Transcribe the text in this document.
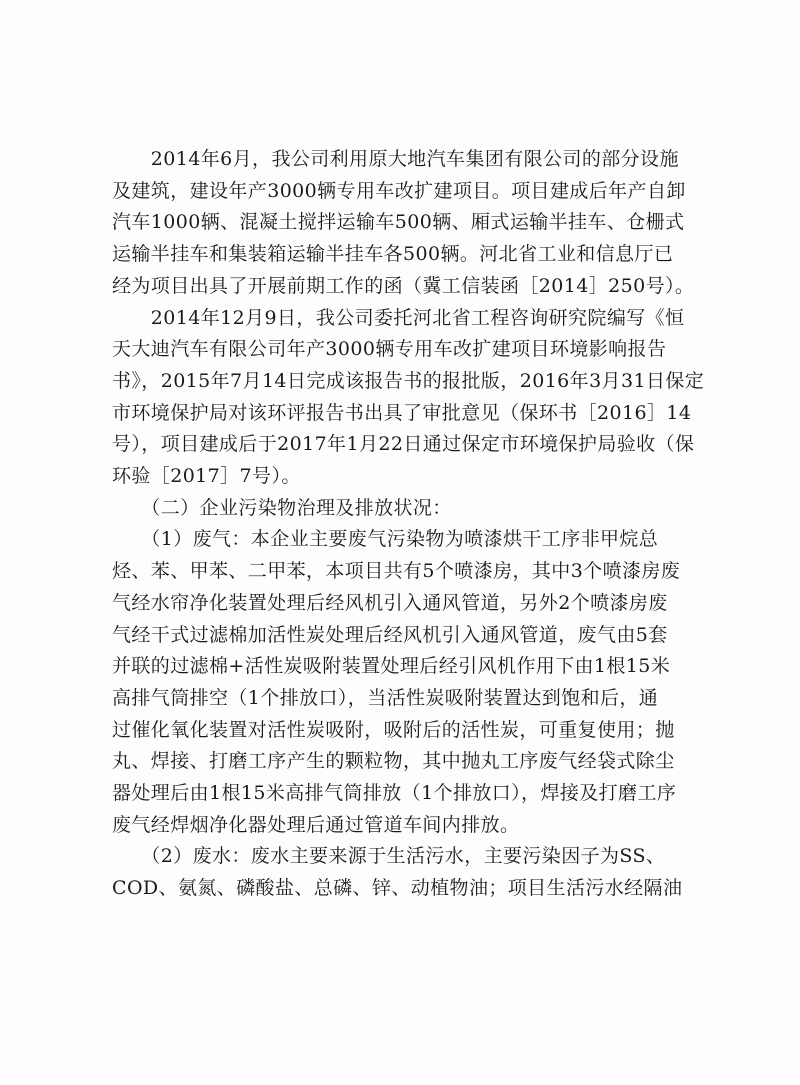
　　2014年6月，我公司利用原大地汽车集团有限公司的部分设施
及建筑，建设年产3000辆专用车改扩建项目。项目建成后年产自卸
汽车1000辆、混凝土搅拌运输车500辆、厢式运输半挂车、仓栅式
运输半挂车和集装箱运输半挂车各500辆。河北省工业和信息厅已
经为项目出具了开展前期工作的函（冀工信装函［2014］250号）。

　　2014年12月9日，我公司委托河北省工程咨询研究院编写《恒
天大迪汽车有限公司年产3000辆专用车改扩建项目环境影响报告
书》，2015年7月14日完成该报告书的报批版，2016年3月31日保定
市环境保护局对该环评报告书出具了审批意见（保环书［2016］14
号），项目建成后于2017年1月22日通过保定市环境保护局验收（保
环验［2017］7号）。

　　（二）企业污染物治理及排放状况：

　　（1）废气：本企业主要废气污染物为喷漆烘干工序非甲烷总
烃、苯、甲苯、二甲苯，本项目共有5个喷漆房，其中3个喷漆房废
气经水帘净化装置处理后经风机引入通风管道，另外2个喷漆房废
气经干式过滤棉加活性炭处理后经风机引入通风管道，废气由5套
并联的过滤棉+活性炭吸附装置处理后经引风机作用下由1根15米
高排气筒排空（1个排放口），当活性炭吸附装置达到饱和后，通
过催化氧化装置对活性炭吸附，吸附后的活性炭，可重复使用；抛
丸、焊接、打磨工序产生的颗粒物，其中抛丸工序废气经袋式除尘
器处理后由1根15米高排气筒排放（1个排放口），焊接及打磨工序
废气经焊烟净化器处理后通过管道车间内排放。

　　（2）废水：废水主要来源于生活污水，主要污染因子为SS、
COD、氨氮、磷酸盐、总磷、锌、动植物油；项目生活污水经隔油
